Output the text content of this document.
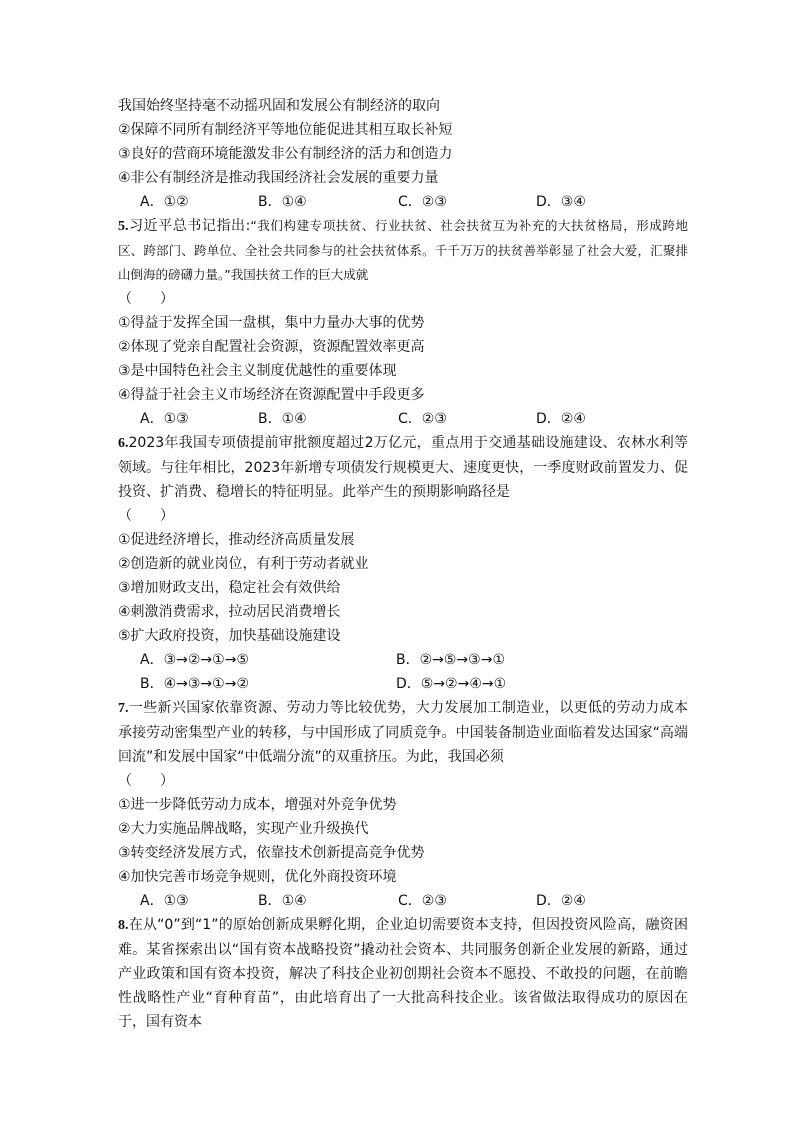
我国始终坚持毫不动摇巩固和发展公有制经济的取向
②保障不同所有制经济平等地位能促进其相互取长补短
③良好的营商环境能激发非公有制经济的活力和创造力
④非公有制经济是推动我国经济社会发展的重要力量
A．①②	B．①④	C．②③	D．③④
5.习近平总书记指出:“我们构建专项扶贫、行业扶贫、社会扶贫互为补充的大扶贫格局，形成跨地区、跨部门、跨单位、全社会共同参与的社会扶贫体系。千千万万的扶贫善举彰显了社会大爱，汇聚排山倒海的磅礴力量。”我国扶贫工作的巨大成就
（　　）
①得益于发挥全国一盘棋，集中力量办大事的优势
②体现了党亲自配置社会资源，资源配置效率更高
③是中国特色社会主义制度优越性的重要体现
④得益于社会主义市场经济在资源配置中手段更多
A．①③	B．①④	C．②③	D．②④
6.2023年我国专项债提前审批额度超过2万亿元，重点用于交通基础设施建设、农林水利等领域。与往年相比，2023年新增专项债发行规模更大、速度更快，一季度财政前置发力、促投资、扩消费、稳增长的特征明显。此举产生的预期影响路径是
（　　）
①促进经济增长，推动经济高质量发展
②创造新的就业岗位，有利于劳动者就业
③增加财政支出，稳定社会有效供给
④刺激消费需求，拉动居民消费增长
⑤扩大政府投资，加快基础设施建设
A．③→②→①→⑤	B．②→⑤→③→①
B．④→③→①→②	D．⑤→②→④→①
7.一些新兴国家依靠资源、劳动力等比较优势，大力发展加工制造业，以更低的劳动力成本承接劳动密集型产业的转移，与中国形成了同质竞争。中国装备制造业面临着发达国家“高端回流”和发展中国家“中低端分流”的双重挤压。为此，我国必须
（　　）
①进一步降低劳动力成本，增强对外竞争优势
②大力实施品牌战略，实现产业升级换代
③转变经济发展方式，依靠技术创新提高竞争优势
④加快完善市场竞争规则，优化外商投资环境
A．①③	B．①④	C．②③	D．②④
8.在从“0”到“1”的原始创新成果孵化期，企业迫切需要资本支持，但因投资风险高，融资困难。某省探索出以“国有资本战略投资”撬动社会资本、共同服务创新企业发展的新路，通过产业政策和国有资本投资，解决了科技企业初创期社会资本不愿投、不敢投的问题，在前瞻性战略性产业“育种育苗”，由此培育出了一大批高科技企业。该省做法取得成功的原因在于，国有资本
